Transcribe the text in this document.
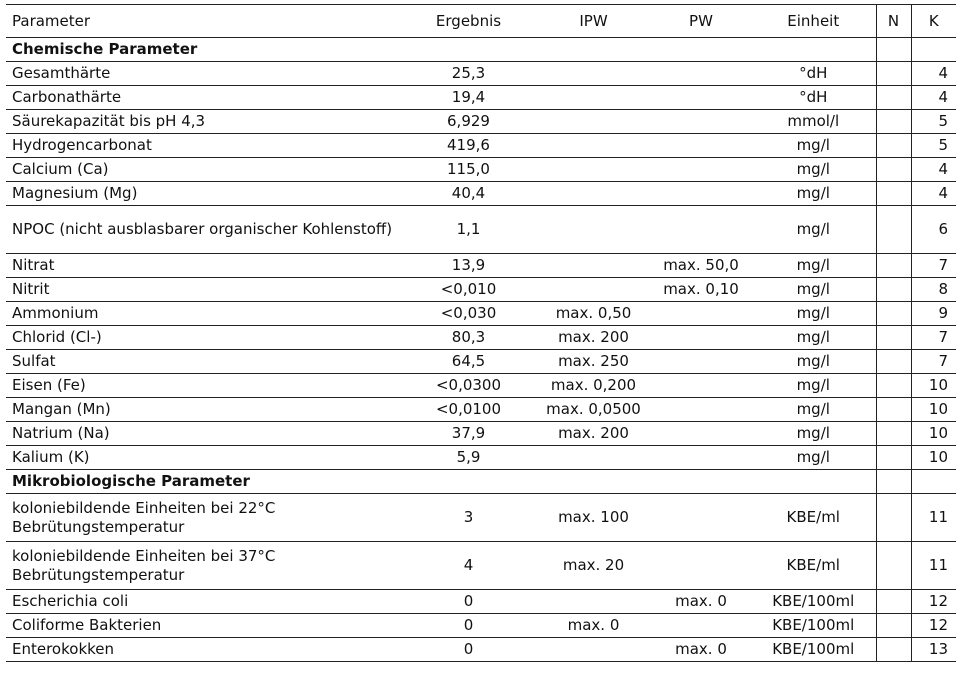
Parameter	Ergebnis	IPW	PW	Einheit	N	K
Chemische Parameter						
Gesamthärte	25,3			°dH		4
Carbonathärte	19,4			°dH		4
Säurekapazität bis pH 4,3	6,929			mmol/l		5
Hydrogencarbonat	419,6			mg/l		5
Calcium (Ca)	115,0			mg/l		4
Magnesium (Mg)	40,4			mg/l		4
NPOC (nicht ausblasbarer organischer Kohlenstoff)	1,1			mg/l		6
Nitrat	13,9		max. 50,0	mg/l		7
Nitrit	<0,010		max. 0,10	mg/l		8
Ammonium	<0,030	max. 0,50		mg/l		9
Chlorid (Cl-)	80,3	max. 200		mg/l		7
Sulfat	64,5	max. 250		mg/l		7
Eisen (Fe)	<0,0300	max. 0,200		mg/l		10
Mangan (Mn)	<0,0100	max. 0,0500		mg/l		10
Natrium (Na)	37,9	max. 200		mg/l		10
Kalium (K)	5,9			mg/l		10
Mikrobiologische Parameter						
koloniebildende Einheiten bei 22°C Bebrütungstemperatur	3	max. 100		KBE/ml		11
koloniebildende Einheiten bei 37°C Bebrütungstemperatur	4	max. 20		KBE/ml		11
Escherichia coli	0		max. 0	KBE/100ml		12
Coliforme Bakterien	0	max. 0		KBE/100ml		12
Enterokokken	0		max. 0	KBE/100ml		13
